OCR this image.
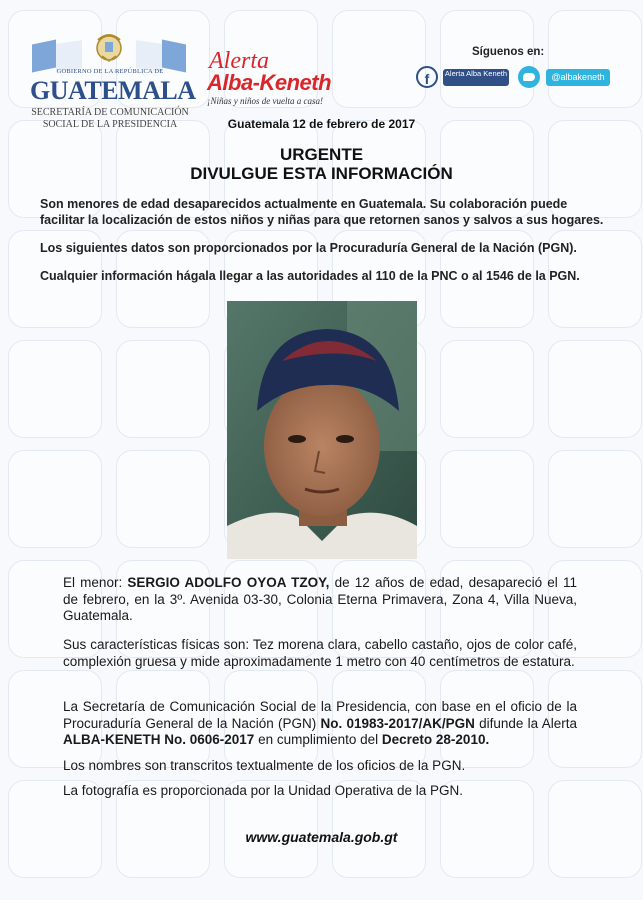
GOBIERNO DE LA REPÚBLICA DE
GUATEMALA
SECRETARÍA DE COMUNICACIÓN
SOCIAL DE LA PRESIDENCIA
Alerta
Alba-Keneth
¡Niñas y niños de vuelta a casa!
Síguenos en:
f	Alerta Alba Keneth	@albakeneth
Guatemala 12 de febrero de 2017
URGENTE
DIVULGUE ESTA INFORMACIÓN
Son menores de edad desaparecidos actualmente en Guatemala. Su colaboración puede facilitar la localización de estos niños y niñas para que retornen sanos y salvos a sus hogares.
Los siguientes datos son proporcionados por la Procuraduría General de la Nación (PGN).
Cualquier información hágala llegar a las autoridades al 110 de la PNC o al 1546 de la PGN.
El menor: SERGIO ADOLFO OYOA TZOY, de 12 años de edad, desapareció el 11 de febrero, en la 3º. Avenida 03-30, Colonia Eterna Primavera, Zona 4, Villa Nueva, Guatemala.
Sus características físicas son: Tez morena clara, cabello castaño, ojos de color café, complexión gruesa y mide aproximadamente 1 metro con 40 centímetros de estatura.
La Secretaría de Comunicación Social de la Presidencia, con base en el oficio de la Procuraduría General de la Nación (PGN) No. 01983-2017/AK/PGN difunde la Alerta ALBA-KENETH No. 0606-2017 en cumplimiento del Decreto 28-2010.
Los nombres son transcritos textualmente de los oficios de la PGN.
La fotografía es proporcionada por la Unidad Operativa de la PGN.
www.guatemala.gob.gt
